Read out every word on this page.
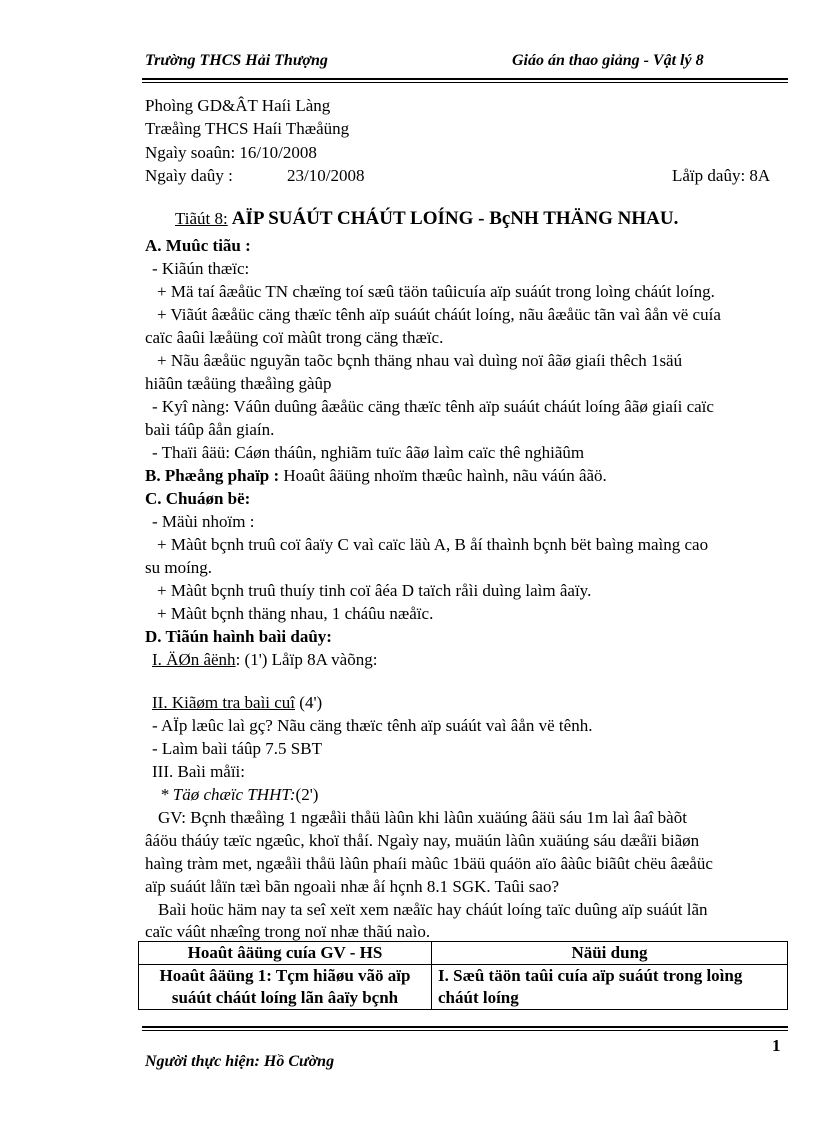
Trường THCS Hải Thượng	Giáo án thao giảng - Vật lý 8
Phoìng GD&ÂT Haíi Làng
Træåìng THCS Haíi Thæåüng
Ngaìy soaûn: 16/10/2008
Ngaìy daûy :	23/10/2008	Låïp daûy: 8A
Tiãút 8: AÏP SUÁÚT CHÁÚT LOÍNG - BçNH THÄNG NHAU.
A. Muûc tiãu :
- Kiãún thæïc:
+ Mä taí âæåüc TN chæïng toí sæû täön taûicuía aïp suáút trong loìng cháút loíng.
+ Viãút âæåüc cäng thæïc tênh aïp suáút cháút loíng, nãu âæåüc tãn vaì âån vë cuía
caïc âaûi læåüng coï màût trong cäng thæïc.
+ Nãu âæåüc nguyãn taõc bçnh thäng nhau vaì duìng noï âãø giaíi thêch 1säú
hiãûn tæåüng thæåìng gàûp
- Kyî nàng: Váûn duûng âæåüc cäng thæïc tênh aïp suáút cháút loíng âãø giaíi caïc
baìi táûp âån giaín.
- Thaïi âäü: Cáøn tháûn, nghiãm tuïc âãø laìm caïc thê nghiãûm
B. Phæång phaïp : Hoaût âäüng nhoïm thæûc haình, nãu váún âãö.
C. Chuáøn bë:
- Mäùi nhoïm :
+ Màût bçnh truû coï âaïy C vaì caïc läù A, B åí thaình bçnh bët baìng maìng cao
su moíng.
+ Màût bçnh truû thuíy tinh coï âéa D taïch råìi duìng laìm âaïy.
+ Màût bçnh thäng nhau, 1 cháûu næåïc.
D. Tiãún haình baìi daûy:
I. ÄØn âënh: (1') Låïp 8A vàõng:
II. Kiãøm tra baìi cuî (4')
- AÏp læûc laì gç? Nãu cäng thæïc tênh aïp suáút vaì âån vë tênh.
- Laìm baìi táûp 7.5 SBT
III. Baìi måïi:
* Täø chæïc THHT:(2')
GV: Bçnh thæåìng 1 ngæåìi thåü làûn khi làûn xuäúng âäü sáu 1m laì âaî bàõt
âáöu tháúy tæïc ngæûc, khoï thåí. Ngaìy nay, muäún làûn xuäúng sáu dæåïi biãøn
haìng tràm met, ngæåìi thåü làûn phaíi màûc 1bäü quáön aïo âàûc biãût chëu âæåüc
aïp suáút låïn tæì bãn ngoaìi nhæ åí hçnh 8.1 SGK. Taûi sao?
Baìi hoüc häm nay ta seî xeït xem næåïc hay cháút loíng taïc duûng aïp suáút lãn
caïc váût nhæîng trong noï nhæ thãú naìo.
Hoaût âäüng cuía GV - HS	Näüi dung
Hoaût âäüng 1: Tçm hiãøu vãö aïp suáút cháút loíng lãn âaïy bçnh	I. Sæû täön taûi cuía aïp suáút trong loìng cháút loíng
1
Người thực hiện: Hồ Cường
